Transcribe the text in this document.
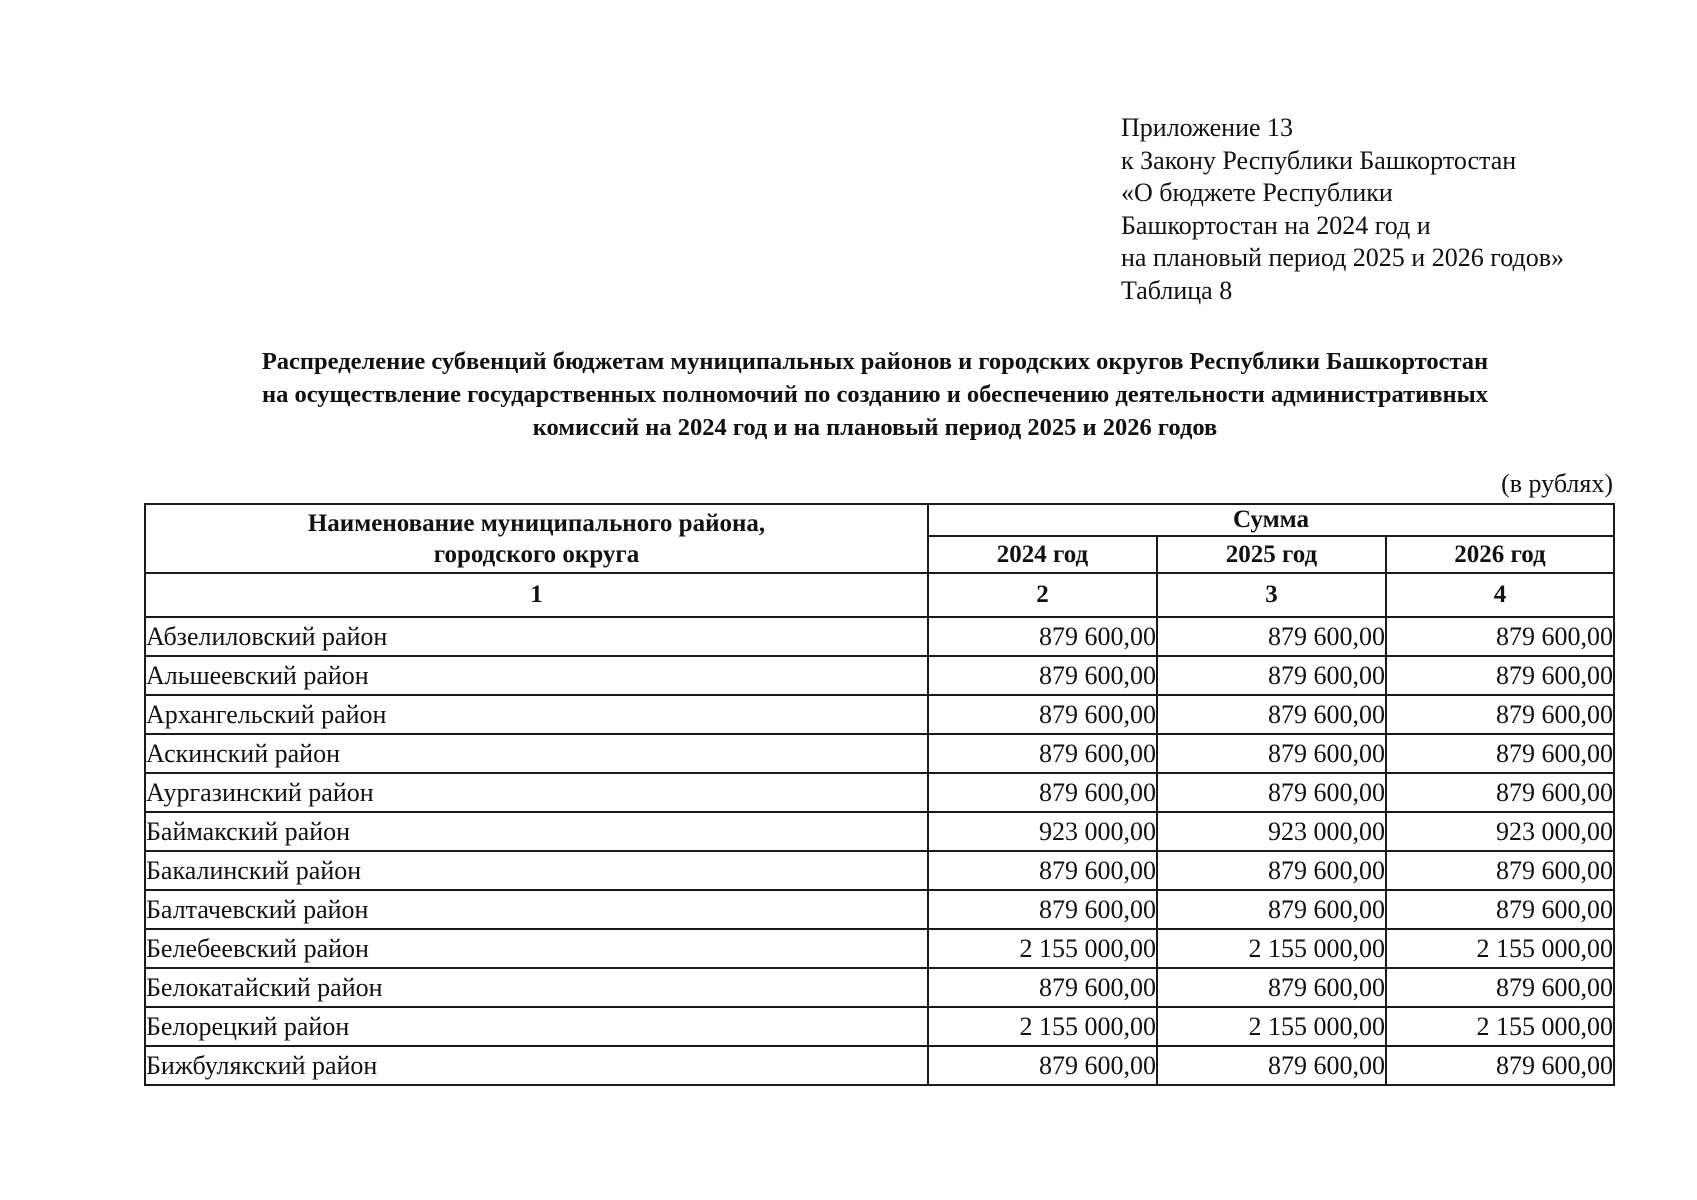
Приложение 13
к Закону Республики Башкортостан
«О бюджете Республики
Башкортостан на 2024 год и
на плановый период 2025 и 2026 годов»
Таблица 8
Распределение субвенций бюджетам муниципальных районов и городских округов Республики Башкортостан
на осуществление государственных полномочий по созданию и обеспечению деятельности административных
комиссий на 2024 год и на плановый период 2025 и 2026 годов
(в рублях)
Наименование муниципального района,
городского округа	Сумма		
	2024 год	2025 год	2026 год
1	2	3	4
Абзелиловский район	879 600,00	879 600,00	879 600,00
Альшеевский район	879 600,00	879 600,00	879 600,00
Архангельский район	879 600,00	879 600,00	879 600,00
Аскинский район	879 600,00	879 600,00	879 600,00
Аургазинский район	879 600,00	879 600,00	879 600,00
Баймакский район	923 000,00	923 000,00	923 000,00
Бакалинский район	879 600,00	879 600,00	879 600,00
Балтачевский район	879 600,00	879 600,00	879 600,00
Белебеевский район	2 155 000,00	2 155 000,00	2 155 000,00
Белокатайский район	879 600,00	879 600,00	879 600,00
Белорецкий район	2 155 000,00	2 155 000,00	2 155 000,00
Бижбулякский район	879 600,00	879 600,00	879 600,00
